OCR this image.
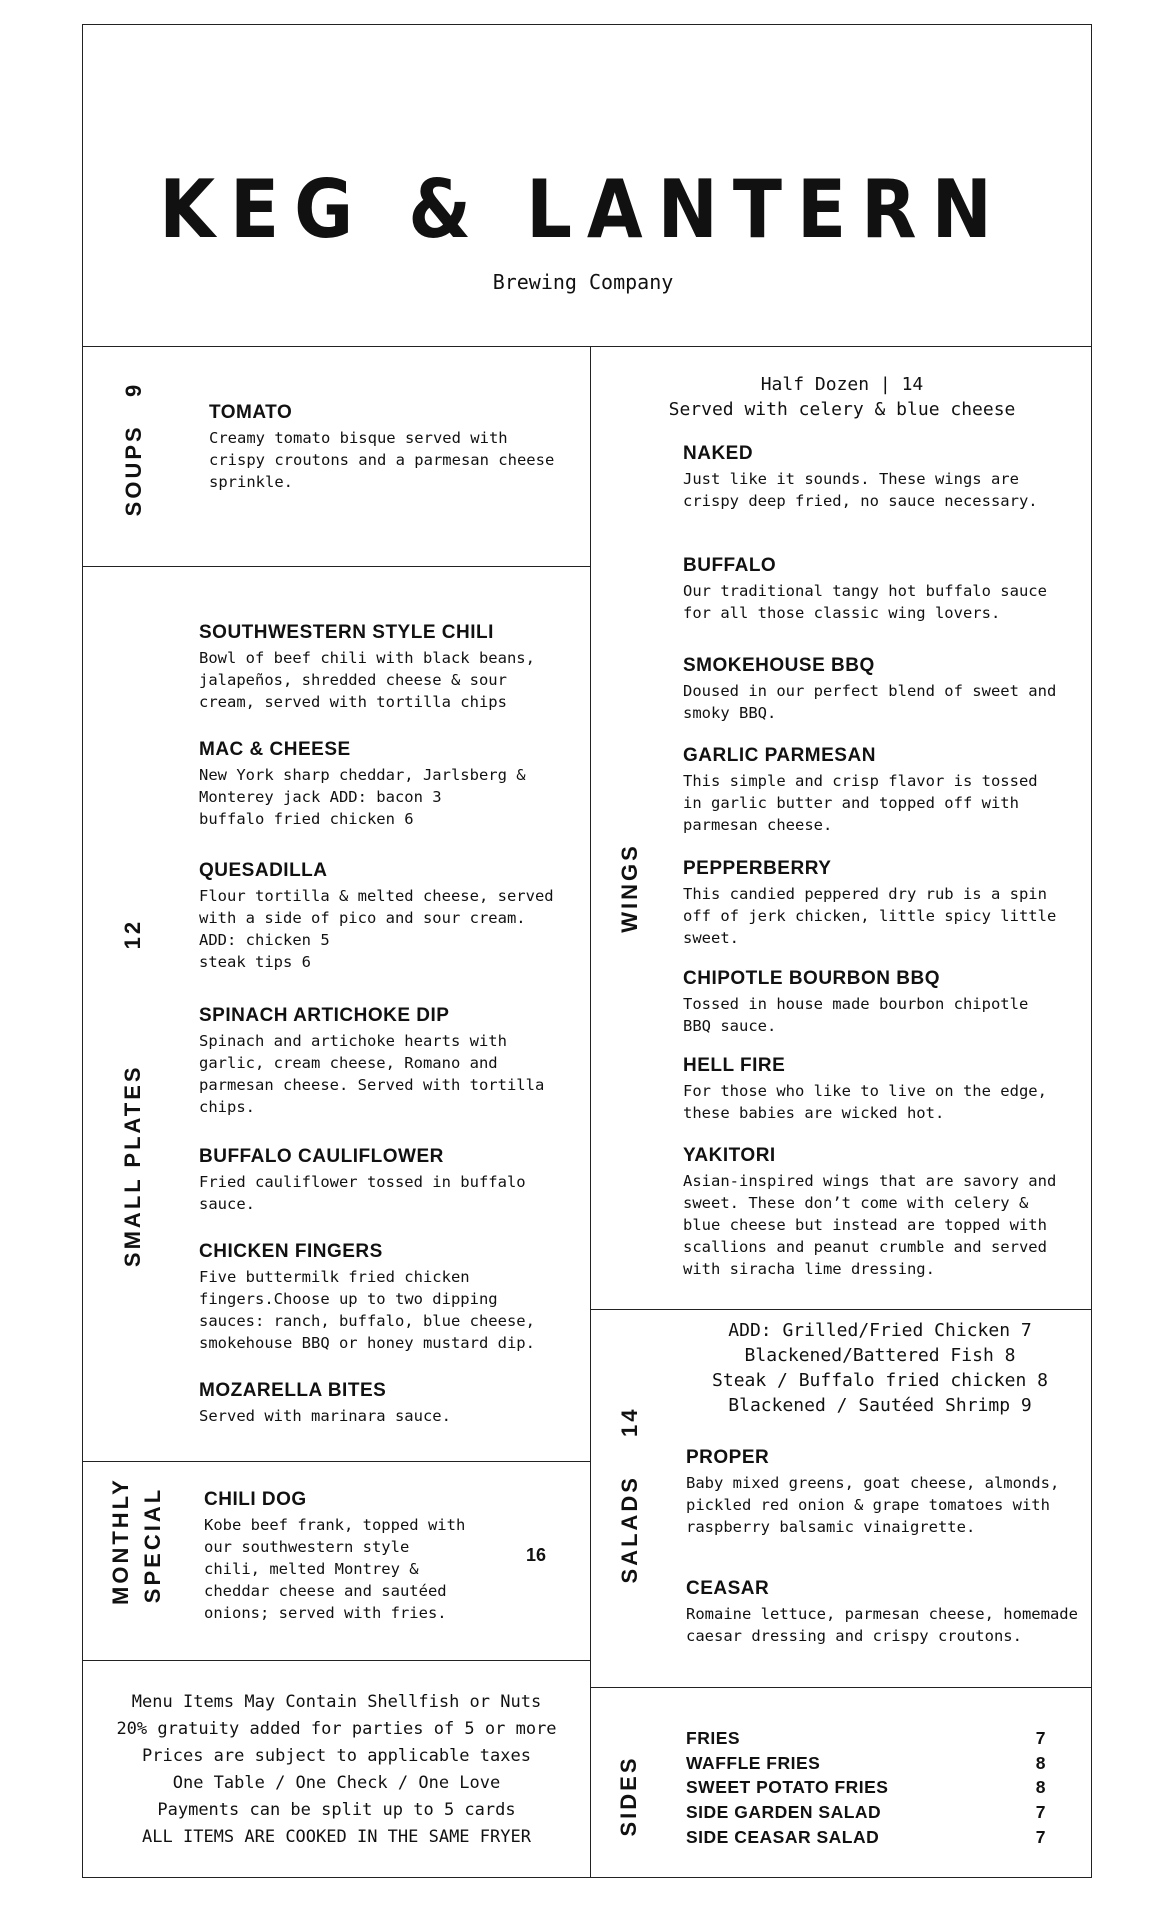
KEG & LANTERN
Brewing Company
SOUPS   9

TOMATO

Creamy tomato bisque served with
crispy croutons and a parmesan cheese
sprinkle.

SMALL PLATES12

SOUTHWESTERN STYLE CHILI

Bowl of beef chili with black beans,
jalapeños, shredded cheese & sour
cream, served with tortilla chips

MAC & CHEESE

New York sharp cheddar, Jarlsberg &
Monterey jack ADD: bacon 3
buffalo fried chicken 6

QUESADILLA

Flour tortilla & melted cheese, served
with a side of pico and sour cream.
ADD: chicken 5
steak tips 6

SPINACH ARTICHOKE DIP

Spinach and artichoke hearts with
garlic, cream cheese, Romano and
parmesan cheese. Served with tortilla
chips.

BUFFALO CAULIFLOWER

Fried cauliflower tossed in buffalo
sauce.

CHICKEN FINGERS

Five buttermilk fried chicken
fingers.Choose up to two dipping
sauces: ranch, buffalo, blue cheese,
smokehouse BBQ or honey mustard dip.

MOZARELLA BITES

Served with marinara sauce.

MONTHLY SPECIAL CHILI DOG

Kobe beef frank, topped with
our southwestern style
chili, melted Montrey &
cheddar cheese and sautéed
onions; served with fries.

16
Menu Items May Contain Shellfish or Nuts
20% gratuity added for parties of 5 or more
Prices are subject to applicable taxes
One Table / One Check / One Love
Payments can be split up to 5 cards
ALL ITEMS ARE COOKED IN THE SAME FRYER
Half Dozen | 14
Served with celery & blue cheese
WINGS

NAKED

Just like it sounds. These wings are
crispy deep fried, no sauce necessary.

BUFFALO

Our traditional tangy hot buffalo sauce
for all those classic wing lovers.

SMOKEHOUSE BBQ

Doused in our perfect blend of sweet and
smoky BBQ.

GARLIC PARMESAN

This simple and crisp flavor is tossed
in garlic butter and topped off with
parmesan cheese.

PEPPERBERRY

This candied peppered dry rub is a spin
off of jerk chicken, little spicy little
sweet.

CHIPOTLE BOURBON BBQ

Tossed in house made bourbon chipotle
BBQ sauce.

HELL FIRE

For those who like to live on the edge,
these babies are wicked hot.

YAKITORI

Asian-inspired wings that are savory and
sweet. These don’t come with celery &
blue cheese but instead are topped with
scallions and peanut crumble and served
with siracha lime dressing.

ADD: Grilled/Fried Chicken 7
Blackened/Battered Fish 8
Steak / Buffalo fried chicken 8
Blackened / Sautéed Shrimp 9
SALADS14

PROPER

Baby mixed greens, goat cheese, almonds,
pickled red onion & grape tomatoes with
raspberry balsamic vinaigrette.

CEASAR

Romaine lettuce, parmesan cheese, homemade
caesar dressing and crispy croutons.

SIDES
FRIES	7
WAFFLE FRIES	8
SWEET POTATO FRIES	8
SIDE GARDEN SALAD	7
SIDE CEASAR SALAD	7
